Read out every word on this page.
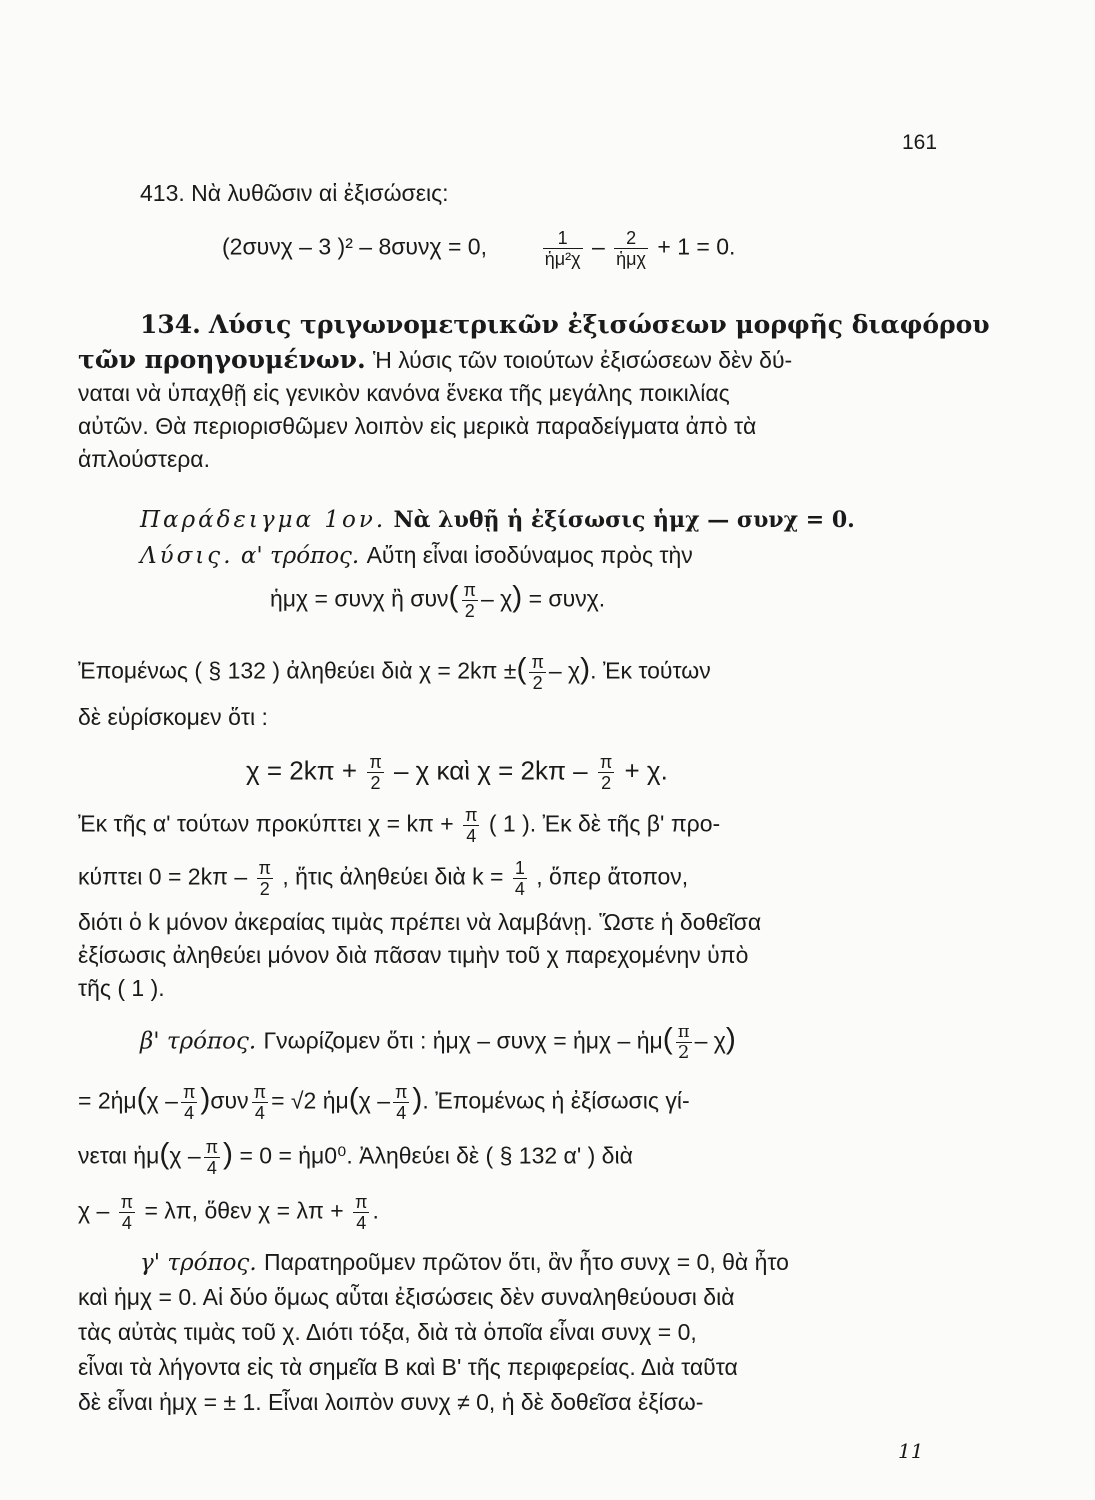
161
413. Νὰ λυθῶσιν αἱ ἐξισώσεις:
(2συνχ – 3 )² – 8συνχ = 0,	$\frac{1}{\text{ἡμ²χ}} - \frac{2}{\text{ἡμχ}} + 1 = 0$.
134. Λύσις τριγωνομετρικῶν ἐξισώσεων μορφῆς διαφόρου
τῶν προηγουμένων. Ἡ λύσις τῶν τοιούτων ἐξισώσεων δὲν δύ-
ναται νὰ ὑπαχθῇ εἰς γενικὸν κανόνα ἕνεκα τῆς μεγάλης ποικιλίας
αὐτῶν. Θὰ περιορισθῶμεν λοιπὸν εἰς μερικὰ παραδείγματα ἀπὸ τὰ
ἁπλούστερα.
Παράδειγμα 1ον. Νὰ λυθῇ ἡ ἐξίσωσις ἡμχ — συνχ = 0.
Λύσις. α' τρόπος. Αὔτη εἶναι ἰσοδύναμος πρὸς τὴν
ἡμχ = συνχ ἢ $\sigma\upsilon\nu( \frac{\pi}{2} - \chi) = \sigma\upsilon\nu\chi$.
Ἐπομένως ( § 132 ) ἀληθεύει διὰ χ = 2kπ ±( $\frac{\pi}{2} - \chi$). Ἐκ τούτων
δὲ εὑρίσκομεν ὅτι :
$\chi = 2k\pi + \frac{\pi}{2} - \chi$ καὶ $\chi = 2k\pi - \frac{\pi}{2} + \chi$.
Ἐκ τῆς α' τούτων προκύπτει $\chi = k\pi + \frac{\pi}{4}$ ( 1 ). Ἐκ δὲ τῆς β' προ-
κύπτει $0 = 2k\pi - \frac{\pi}{2}$ , ἥτις ἀληθεύει διὰ $k = \frac{1}{4}$ , ὅπερ ἄτοπον,
διότι ὁ k μόνον ἀκεραίας τιμὰς πρέπει νὰ λαμβάνῃ. Ὥστε ἡ δοθεῖσα
ἐξίσωσις ἀληθεύει μόνον διὰ πᾶσαν τιμὴν τοῦ χ παρεχομένην ὑπὸ
τῆς ( 1 ).
β' τρόπος. Γνωρίζομεν ὅτι : ἡμχ – συνχ = ἡμχ – ἡμ( $\frac{\pi}{2} - \chi$)
= 2ἡμ(χ – $\frac{\pi}{4} )\sigma\upsilon\nu \frac{\pi}{4} = √2$ ἡμ(χ – $\frac{\pi}{4}$ ). Ἐπομένως ἡ ἐξίσωσις γί-
νεται ἡμ(χ – $\frac{\pi}{4}$ ) = 0 = ἡμ0⁰. Ἀληθεύει δὲ ( § 132 α' ) διὰ
$\chi - \frac{\pi}{4} = \lambda\pi$, ὅθεν $\chi = \lambda\pi + \frac{\pi}{4}$ .
γ' τρόπος. Παρατηροῦμεν πρῶτον ὅτι, ἂν ἦτο συνχ = 0, θὰ ἦτο
καὶ ἡμχ = 0. Αἱ δύο ὅμως αὗται ἐξισώσεις δὲν συναληθεύουσι διὰ
τὰς αὐτὰς τιμὰς τοῦ χ. Διότι τόξα, διὰ τὰ ὁποῖα εἶναι συνχ = 0,
εἶναι τὰ λήγοντα εἰς τὰ σημεῖα Β καὶ Β' τῆς περιφερείας. Διὰ ταῦτα
δὲ εἶναι ἡμχ = ± 1. Εἶναι λοιπὸν συνχ ≠ 0, ἡ δὲ δοθεῖσα ἐξίσω-
11
